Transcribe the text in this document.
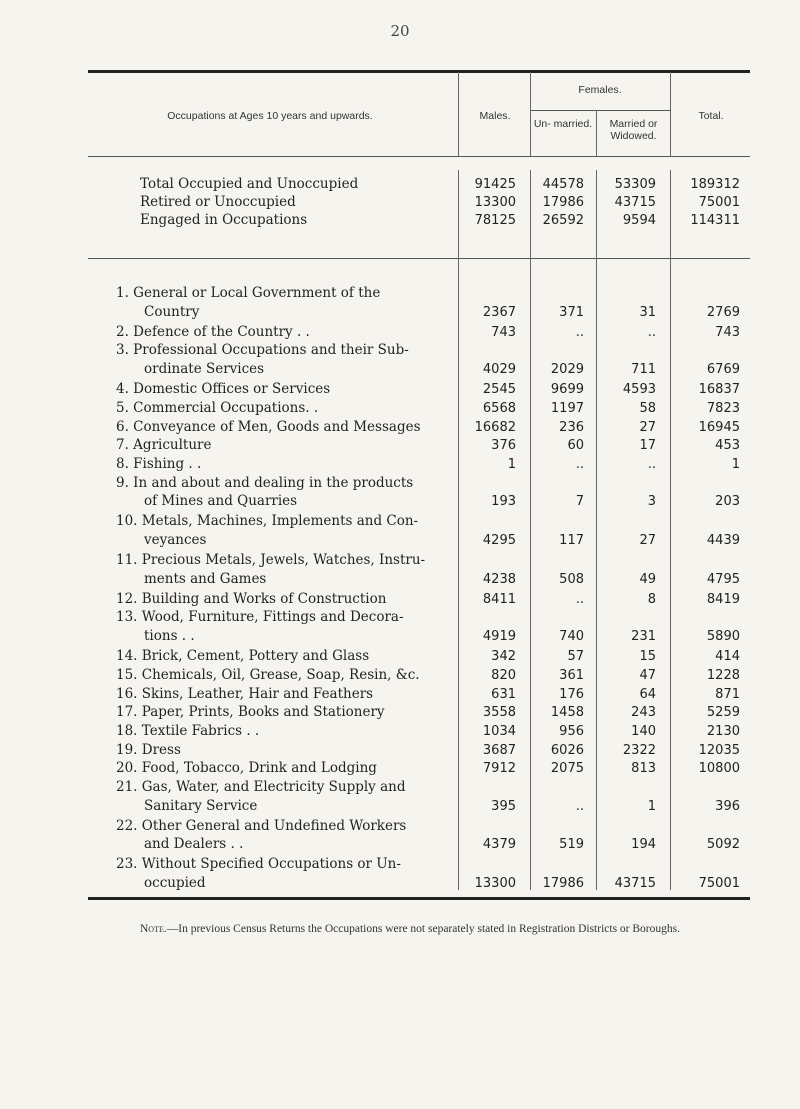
20
Occupations at Ages 10 years and upwards.	Males.
Females.
Un- married.	Married or Widowed.
Total.
Total Occupied and Unoccupied	91425	44578	53309	189312
Retired or Unoccupied	13300	17986	43715	75001
Engaged in Occupations	78125	26592	9594	114311
1. General or Local Government of the
Country	2367	371	31	2769
2. Defence of the Country . .	743	..	..	743
3. Professional Occupations and their Sub-
ordinate Services	4029	2029	711	6769
4. Domestic Offices or Services	2545	9699	4593	16837
5. Commercial Occupations. .	6568	1197	58	7823
6. Conveyance of Men, Goods and Messages	16682	236	27	16945
7. Agriculture	376	60	17	453
8. Fishing . .	1	..	..	1
9. In and about and dealing in the products
of Mines and Quarries	193	7	3	203
10. Metals, Machines, Implements and Con-
veyances	4295	117	27	4439
11. Precious Metals, Jewels, Watches, Instru-
ments and Games	4238	508	49	4795
12. Building and Works of Construction	8411	..	8	8419
13. Wood, Furniture, Fittings and Decora-
tions . .	4919	740	231	5890
14. Brick, Cement, Pottery and Glass	342	57	15	414
15. Chemicals, Oil, Grease, Soap, Resin, &c.	820	361	47	1228
16. Skins, Leather, Hair and Feathers	631	176	64	871
17. Paper, Prints, Books and Stationery	3558	1458	243	5259
18. Textile Fabrics . .	1034	956	140	2130
19. Dress	3687	6026	2322	12035
20. Food, Tobacco, Drink and Lodging	7912	2075	813	10800
21. Gas, Water, and Electricity Supply and
Sanitary Service	395	..	1	396
22. Other General and Undefined Workers
and Dealers . .	4379	519	194	5092
23. Without Specified Occupations or Un-
occupied	13300	17986	43715	75001
Note.—In previous Census Returns the Occupations were not separately stated in Registration Districts or Boroughs.
